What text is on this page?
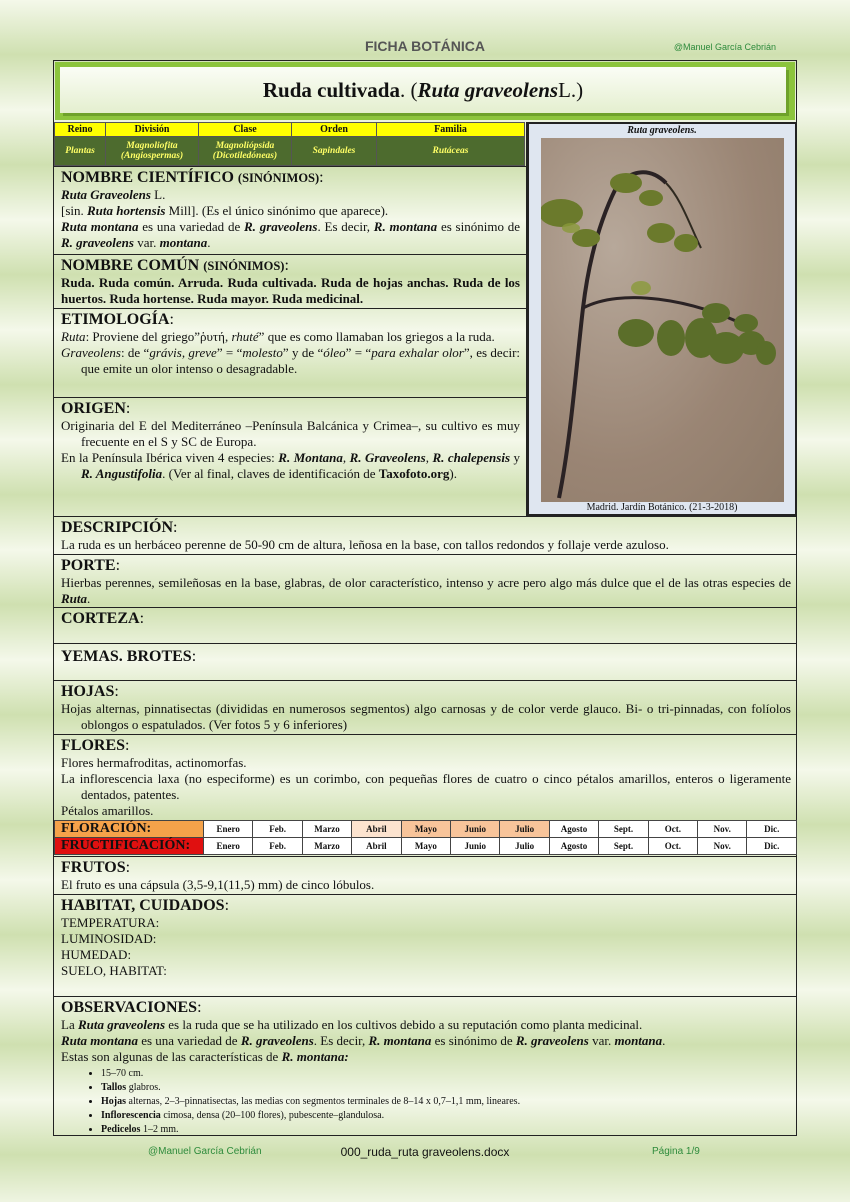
FICHA BOTÁNICA	@Manuel García Cebrián
Ruda cultivada . ( Ruta graveolens L.)
Reino	División	Clase	Orden	Familia
Plantas	Magnoliofita (Angiospermas)	Magnoliópsida (Dicotiledóneas)	Sapindales	Rutáceas
Ruta graveolens.
Madrid. Jardín Botánico. (21-3-2018)
NOMBRE CIENTÍFICO (SINÓNIMOS):

Ruta Graveolens L.

[sin. Ruta hortensis Mill]. (Es el único sinónimo que aparece).

Ruta montana es una variedad de R. graveolens. Es decir, R. montana es sinónimo de R. graveolens var. montana.

NOMBRE COMÚN (SINÓNIMOS):

Ruda. Ruda común. Arruda. Ruda cultivada. Ruda de hojas anchas. Ruda de los huertos. Ruda hortense. Ruda mayor. Ruda medicinal.

ETIMOLOGÍA:

Ruta: Proviene del griego”ῥυτή, rhuté” que es como llamaban los griegos a la ruda.

Graveolens: de “grávis, greve” = “molesto” y de “óleo” = “para exhalar olor”, es decir: que emite un olor intenso o desagradable.

ORIGEN:

Originaria del E del Mediterráneo –Península Balcánica y Crimea–, su cultivo es muy frecuente en el S y SC de Europa.

En la Península Ibérica viven 4 especies: R. Montana, R. Graveolens, R. chalepensis y R. Angustifolia. (Ver al final, claves de identificación de Taxofoto.org).

DESCRIPCIÓN:

La ruda es un herbáceo perenne de 50-90 cm de altura, leñosa en la base, con tallos redondos y follaje verde azuloso.

PORTE:

Hierbas perennes, semileñosas en la base, glabras, de olor característico, intenso y acre pero algo más dulce que el de las otras especies de Ruta.

CORTEZA:
YEMAS. BROTES:
HOJAS:

Hojas alternas, pinnatisectas (divididas en numerosos segmentos) algo carnosas y de color verde glauco. Bi- o tri-pinnadas, con folíolos oblongos o espatulados. (Ver fotos 5 y 6 inferiores)

FLORES:

Flores hermafroditas, actinomorfas.

La inflorescencia laxa (no especiforme) es un corimbo, con pequeñas flores de cuatro o cinco pétalos amarillos, enteros o ligeramente dentados, patentes.

Pétalos amarillos.

FLORACIÓN:	Enero	Feb.	Marzo	Abril	Mayo	Junio	Julio	Agosto	Sept.	Oct.	Nov.	Dic.
FRUCTIFICACIÓN:	Enero	Feb.	Marzo	Abril	Mayo	Junio	Julio	Agosto	Sept.	Oct.	Nov.	Dic.
FRUTOS:

El fruto es una cápsula (3,5-9,1(11,5) mm) de cinco lóbulos.

HABITAT, CUIDADOS:

TEMPERATURA:

LUMINOSIDAD:

HUMEDAD:

SUELO, HABITAT:

OBSERVACIONES:

La Ruta graveolens es la ruda que se ha utilizado en los cultivos debido a su reputación como planta medicinal.

Ruta montana es una variedad de R. graveolens. Es decir, R. montana es sinónimo de R. graveolens var. montana.

Estas son algunas de las características de R. montana:

• 15–70 cm.
• Tallos glabros.
• Hojas alternas, 2–3–pinnatisectas, las medias con segmentos terminales de 8–14 x 0,7–1,1 mm, lineares.
• Inflorescencia cimosa, densa (20–100 flores), pubescente–glandulosa.
• Pedicelos 1–2 mm.
@Manuel García Cebrián	000_ruda_ruta graveolens.docx	Página 1/9
